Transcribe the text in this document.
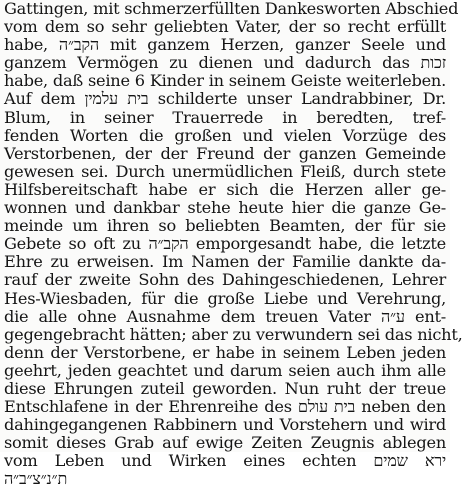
Gattingen, mit schmerzerfüllten Dankesworten Abschied
vom dem so sehr geliebten Vater, der so recht erfüllt
habe, הקב״ה mit ganzem Herzen, ganzer Seele und
ganzem Vermögen zu dienen und dadurch das זכות
habe, daß seine 6 Kinder in seinem Geiste weiterleben.
Auf dem בית עלמין schilderte unser Landrabbiner, Dr.
Blum, in seiner Trauerrede in beredten, tref-
fenden Worten die großen und vielen Vorzüge des
Verstorbenen, der der Freund der ganzen Gemeinde
gewesen sei. Durch unermüdlichen Fleiß, durch stete
Hilfsbereitschaft habe er sich die Herzen aller ge-
wonnen und dankbar stehe heute hier die ganze Ge-
meinde um ihren so beliebten Beamten, der für sie
Gebete so oft zu הקב״ה emporgesandt habe, die letzte
Ehre zu erweisen. Im Namen der Familie dankte da-
rauf der zweite Sohn des Dahingeschiedenen, Lehrer
Hes-Wiesbaden, für die große Liebe und Verehrung,
die alle ohne Ausnahme dem treuen Vater ע״ה ent-
gegengebracht hätten; aber zu verwundern sei das nicht,
denn der Verstorbene, er habe in seinem Leben jeden
geehrt, jeden geachtet und darum seien auch ihm alle
diese Ehrungen zuteil geworden. Nun ruht der treue
Entschlafene in der Ehrenreihe des בית עולם neben den
dahingegangenen Rabbinern und Vorstehern und wird
somit dieses Grab auf ewige Zeiten Zeugnis ablegen
vom Leben und Wirken eines echten ירא שמים
ת״נ״צ״ב״ה
